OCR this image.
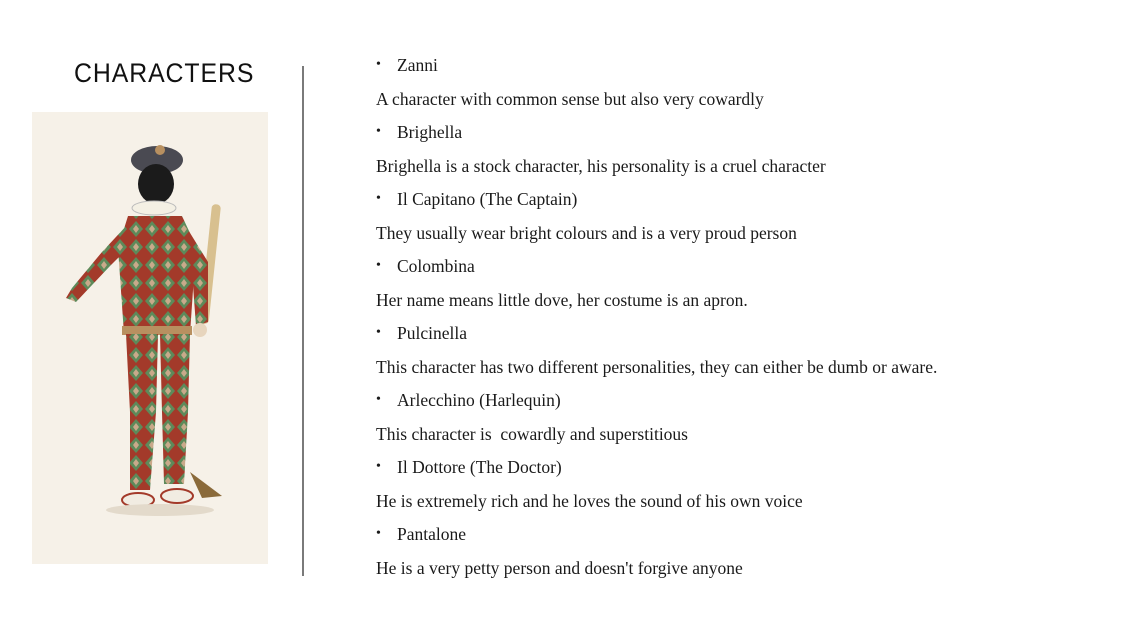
CHARACTERS	• Zanni
A character with common sense but also very cowardly
• Brighella
Brighella is a stock character, his personality is a cruel character
• Il Capitano (The Captain)
They usually wear bright colours and is a very proud person
• Colombina
Her name means little dove, her costume is an apron.
• Pulcinella
This character has two different personalities, they can either be dumb or aware.
• Arlecchino (Harlequin)
This character is  cowardly and superstitious
• Il Dottore (The Doctor)
He is extremely rich and he loves the sound of his own voice
• Pantalone
He is a very petty person and doesn't forgive anyone
